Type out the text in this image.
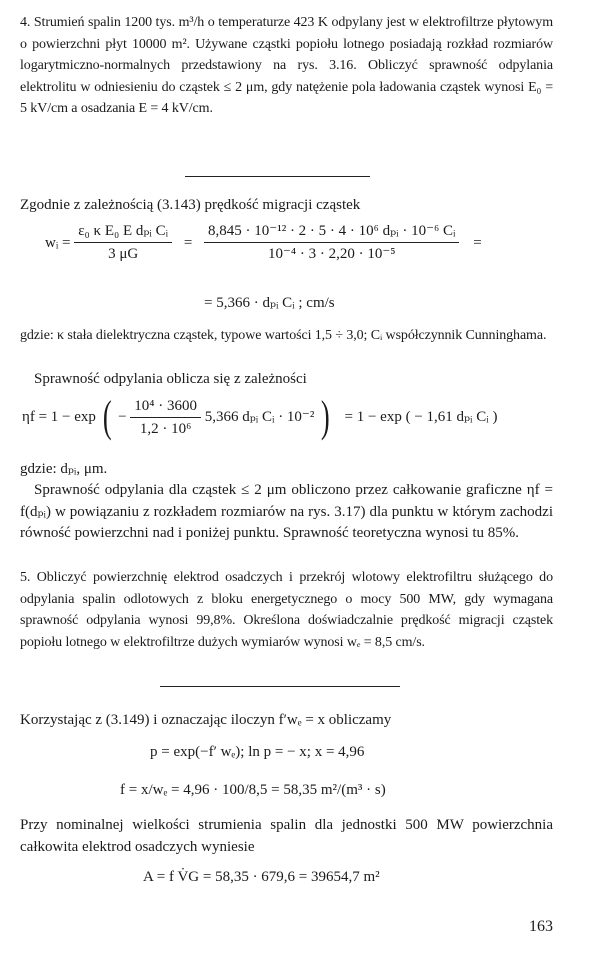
4. Strumień spalin 1200 tys. m³/h o temperaturze 423 K odpylany jest w elektrofiltrze płytowym o powierzchni płyt 10000 m². Używane cząstki popiołu lotnego posiadają rozkład rozmiarów logarytmiczno-normalnych przedstawiony na rys. 3.16. Obliczyć sprawność odpylania elektrolitu w odniesieniu do cząstek ≤ 2 μm, gdy natężenie pola ładowania cząstek wynosi E₀ = 5 kV/cm a osadzania E = 4 kV/cm.

Zgodnie z zależnością (3.143) prędkość migracji cząstek

wᵢ = $\frac{\text{ε₀ κ E₀ E dₚᵢ Cᵢ}}{3 \mu G} = \frac{\text{8,845 · 10⁻¹² · 2 · 5 · 4 · 10⁶ dₚᵢ · 10⁻⁶ Cᵢ}}{\text{10⁻⁴ · 3 · 2,20 · 10⁻⁵}}$ =
= 5,366 · dₚᵢ Cᵢ ; cm/s

gdzie: κ stała dielektryczna cząstek, typowe wartości 1,5 ÷ 3,0; Cᵢ współczynnik Cunninghama.

Sprawność odpylania oblicza się z zależności

ηf = 1 − exp ( − $\frac{\text{10⁴ · 3600}}{\text{1,2 · 10⁶}} 5,366$ dₚᵢ Cᵢ · 10⁻² ) = 1 − exp ( − 1,61 dₚᵢ Cᵢ )

gdzie: dₚᵢ, μm.

Sprawność odpylania dla cząstek ≤ 2 μm obliczono przez całkowanie graficzne ηf = f(dₚᵢ) w powiązaniu z rozkładem rozmiarów na rys. 3.17) dla punktu w którym zachodzi równość powierzchni nad i poniżej punktu. Sprawność teoretyczna wynosi tu 85%.

5. Obliczyć powierzchnię elektrod osadczych i przekrój wlotowy elektrofiltru służącego do odpylania spalin odlotowych z bloku energetycznego o mocy 500 MW, gdy wymagana sprawność odpylania wynosi 99,8%. Określona doświadczalnie prędkość migracji cząstek popiołu lotnego w elektrofiltrze dużych wymiarów wynosi wₑ = 8,5 cm/s.

Korzystając z (3.149) i oznaczając iloczyn f′wₑ = x obliczamy

p = exp(−f′ wₑ); ln p = − x; x = 4,96
f = x/wₑ = 4,96 · 100/8,5 = 58,35 m²/(m³ · s)

Przy nominalnej wielkości strumienia spalin dla jednostki 500 MW powierzchnia całkowita elektrod osadczych wyniesie

A = f V̇G = 58,35 · 679,6 = 39654,7 m²
163
